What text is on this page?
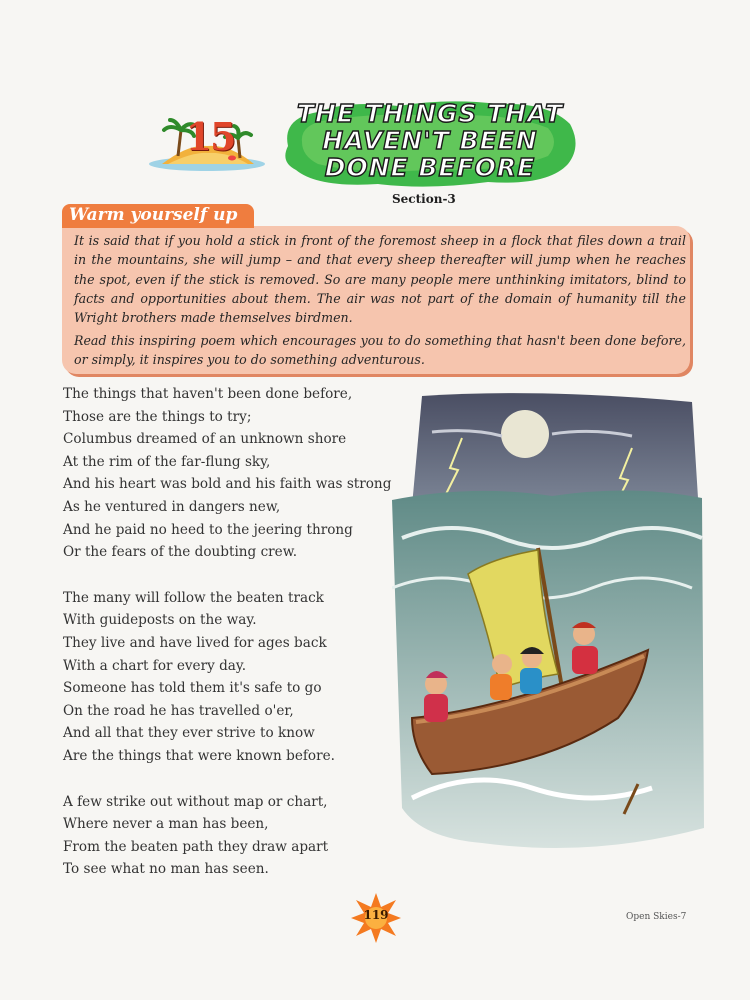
15
THE THINGS THAT
HAVEN'T BEEN
DONE BEFORE
Section-3
Warm yourself up

It is said that if you hold a stick in front of the foremost sheep in a flock that files down a trail in the mountains, she will jump – and that every sheep thereafter will jump when he reaches the spot, even if the stick is removed. So are many people mere unthinking imitators, blind to facts and opportunities about them. The air was not part of the domain of humanity till the Wright brothers made themselves birdmen.

Read this inspiring poem which encourages you to do something that hasn't been done before, or simply, it inspires you to do something adventurous.

The things that haven't been done before,
Those are the things to try;
Columbus dreamed of an unknown shore
At the rim of the far-flung sky,
And his heart was bold and his faith was strong
As he ventured in dangers new,
And he paid no heed to the jeering throng
Or the fears of the doubting crew.
The many will follow the beaten track
With guideposts on the way.
They live and have lived for ages back
With a chart for every day.
Someone has told them it's safe to go
On the road he has travelled o'er,
And all that they ever strive to know
Are the things that were known before.
A few strike out without map or chart,
Where never a man has been,
From the beaten path they draw apart
To see what no man has seen.
119	Open Skies-7
